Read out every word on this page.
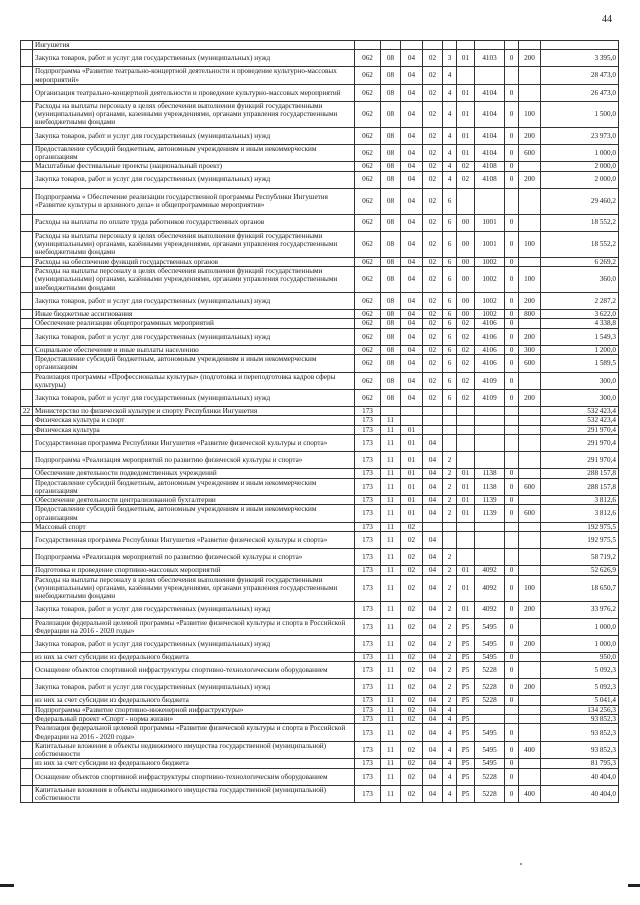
44
	Ингушетия										
	Закупка товаров, работ и услуг для государственных (муниципальных) нужд	062	08	04	02	3	01	4103	0	200	3 395,0
	Подпрограмма «Развитие театрально-концертной деятельности и проведение культурно-массовых мероприятий»	062	08	04	02	4					28 473,0
	Организация театрально-концертной деятельности и проведение культурно-массовых мероприятий	062	08	04	02	4	01	4104	0		26 473,0
	Расходы на выплаты персоналу в целях обеспечения выполнения функций государственными (муниципальными) органами, казенными учреждениями, органами управления государственными внебюджетными фондами	062	08	04	02	4	01	4104	0	100	1 500,0
	Закупка товаров, работ и услуг для государственных (муниципальных) нужд	062	08	04	02	4	01	4104	0	200	23 973,0
	Предоставление субсидий бюджетным, автономным учреждениям и иным некоммерческим организациям	062	08	04	02	4	01	4104	0	600	1 000,0
	Масштабные фестивальные проекты (национальный проект)	062	08	04	02	4	02	4108	0		2 000,0
	Закупка товаров, работ и услуг для государственных (муниципальных) нужд	062	08	04	02	4	02	4108	0	200	2 000,0
	Подпрограмма « Обеспечение реализации государственной программы Республики Ингушетия «Развитие культуры и архивного дела» и общепрограммные мероприятия»	062	08	04	02	6					29 460,2
	Расходы на выплаты по оплате труда работников государственных органов	062	08	04	02	6	00	1001	0		18 552,2
	Расходы на выплаты персоналу в целях обеспечения выполнения функций государственными (муниципальными) органами, казёнными учреждениями, органами управления государственными внебюджетными фондами	062	08	04	02	6	00	1001	0	100	18 552,2
	Расходы на обеспечение функций государственных органов	062	08	04	02	6	00	1002	0		6 269,2
	Расходы на выплаты персоналу в целях обеспечения выполнения функций государственными (муниципальными) органами, казёнными учреждениями, органами управления государственными внебюджетными фондами	062	08	04	02	6	00	1002	0	100	360,0
	Закупка товаров, работ и услуг для государственных (муниципальных) нужд	062	08	04	02	6	00	1002	0	200	2 287,2
	Иные бюджетные ассигнования	062	08	04	02	6	00	1002	0	800	3 622,0
	Обеспечение реализации общепрограммных мероприятий	062	08	04	02	6	02	4106	0		4 338,8
	Закупка товаров, работ и услуг для государственных (муниципальных) нужд	062	08	04	02	6	02	4106	0	200	1 549,3
	Социальное обеспечение и иные выплаты населению	062	08	04	02	6	02	4106	0	300	1 200,0
	Предоставление субсидий бюджетным, автономным учреждениям и иным некоммерческим организациям	062	08	04	02	6	02	4106	0	600	1 589,5
	Реализация программы «Профессиональы культуры» (подготовка и переподготовка кадров сферы культуры)	062	08	04	02	6	02	4109	0		300,0
	Закупка товаров, работ и услуг для государственных (муниципальных) нужд	062	08	04	02	6	02	4109	0	200	300,0
22	Министерство по физической культуре и спорту Республики Ингушетия	173									532 423,4
	Физическая культура и спорт	173	11								532 423,4
	Физическая культура	173	11	01							291 970,4
	Государственная программа Республики Ингушетия «Развитие физической культуры и спорта»	173	11	01	04						291 970,4
	Подпрограмма «Реализация мероприятий по развитию физической культуры и спорта»	173	11	01	04	2					291 970,4
	Обеспечение деятельности подведомственных учреждений	173	11	01	04	2	01	1138	0		288 157,8
	Предоставление субсидий бюджетным, автономным учреждениям и иным некоммерческим организациям	173	11	01	04	2	01	1138	0	600	288 157,8
	Обеспечение деятельности централизованной бухгалтерии	173	11	01	04	2	01	1139	0		3 812,6
	Предоставление субсидий бюджетным, автономным учреждениям и иным некоммерческим организациям	173	11	01	04	2	01	1139	0	600	3 812,6
	Массовый спорт	173	11	02							192 975,5
	Государственная программа Республики Ингушетия «Развитие физической культуры и спорта»	173	11	02	04						192 975,5
	Подпрограмма «Реализация мероприятий по развитию физической культуры и спорта»	173	11	02	04	2					58 719,2
	Подготовка и проведение спортивно-массовых мероприятий	173	11	02	04	2	01	4092	0		52 626,9
	Расходы на выплаты персоналу в целях обеспечения выполнения функций государственными (муниципальными) органами, казёнными учреждениями, органами управления государственными внебюджетными фондами	173	11	02	04	2	01	4092	0	100	18 650,7
	Закупка товаров, работ и услуг для государственных (муниципальных) нужд	173	11	02	04	2	01	4092	0	200	33 976,2
	Реализация федеральной целевой программы «Развитие физической культуры и спорта в Российской Федерации на 2016 - 2020 годы»	173	11	02	04	2	P5	5495	0		1 000,0
	Закупка товаров, работ и услуг для государственных (муниципальных) нужд	173	11	02	04	2	P5	5495	0	200	1 000,0
	из них за счет субсидии из федерального бюджета	173	11	02	04	2	P5	5495	0		950,0
	Оснащение объектов спортивной инфраструктуры спортивно-технологическим оборудованием	173	11	02	04	2	P5	5228	0		5 092,3
	Закупка товаров, работ и услуг для государственных (муниципальных) нужд	173	11	02	04	2	P5	5228	0	200	5 092,3
	из них за счет субсидии из федерального бюджета	173	11	02	04	2	P5	5228	0		5 041,4
	Подпрограмма «Развитие спортивно-инженерной инфраструктуры»	173	11	02	04	4					134 256,3
	Федеральный проект «Спорт - норма жизни»	173	11	02	04	4	P5				93 852,3
	Реализация федеральной целевой программы «Развитие физической культуры и спорта в Российской Федерации на 2016 - 2020 годы»	173	11	02	04	4	P5	5495	0		93 852,3
	Капитальные вложения в объекты недвижимого имущества государственной (муниципальной) собственности	173	11	02	04	4	P5	5495	0	400	93 852,3
	из них за счет субсидии из федерального бюджета	173	11	02	04	4	P5	5495	0		81 795,3
	Оснащение объектов спортивной инфраструктуры спортивно-технологическим оборудованием	173	11	02	04	4	P5	5228	0		40 404,0
	Капитальные вложения в объекты недвижимого имущества государственной (муниципальной) собственности	173	11	02	04	4	P5	5228	0	400	40 404,0
